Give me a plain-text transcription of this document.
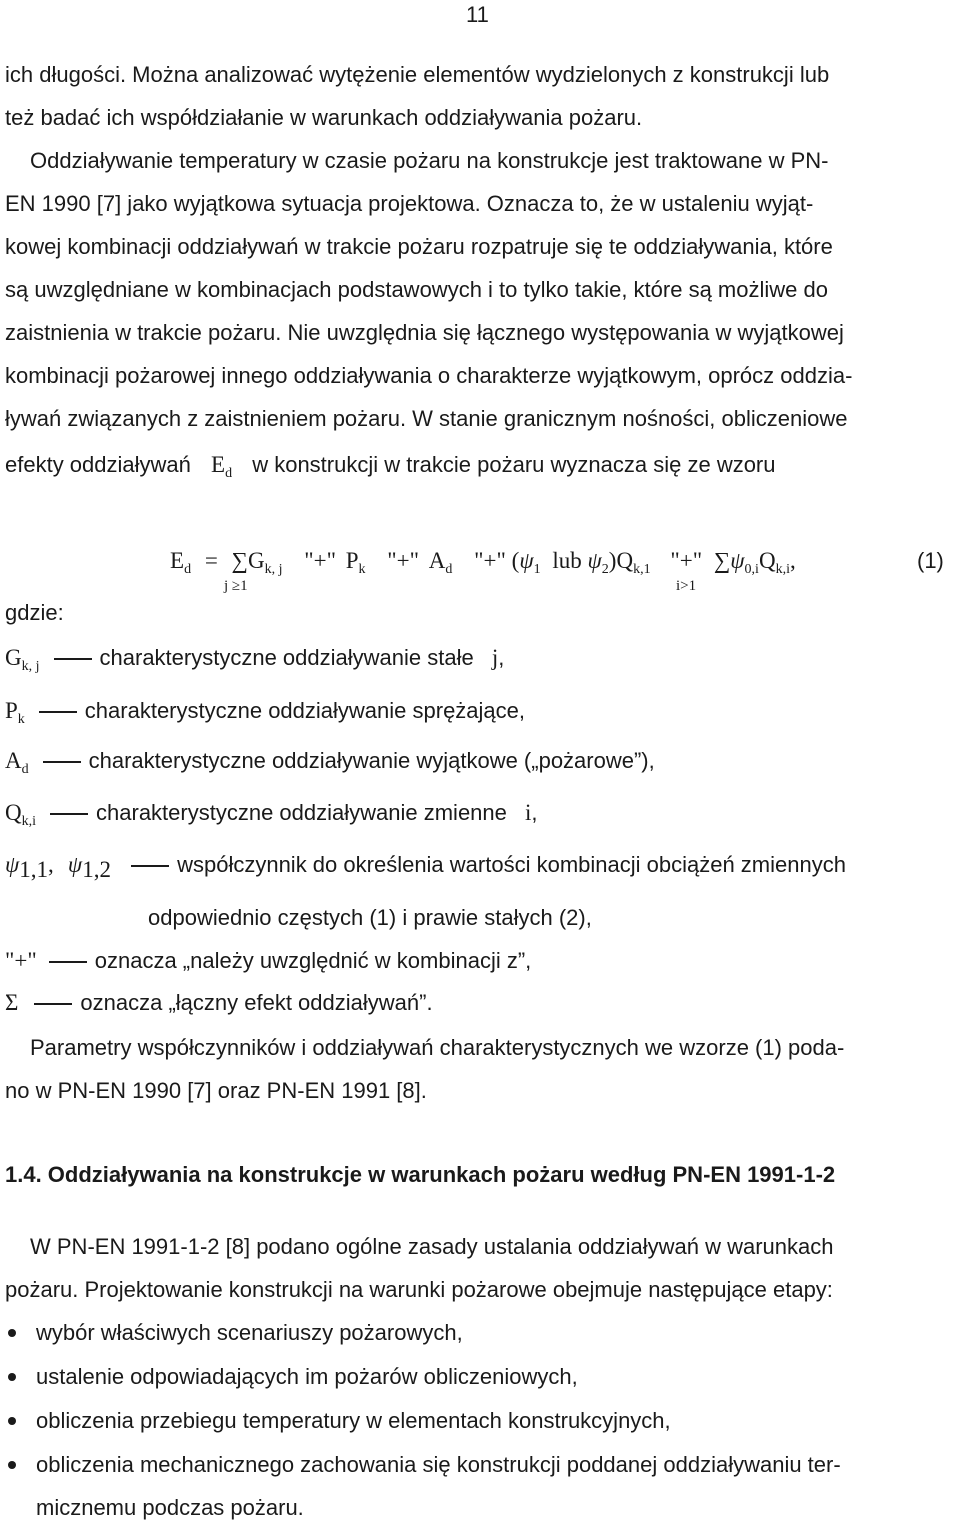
11
ich długości. Można analizować wytężenie elementów wydzielonych z konstrukcji lub
też badać ich współdziałanie w warunkach oddziaływania pożaru.
Oddziaływanie temperatury w czasie pożaru na konstrukcje jest traktowane w PN-
EN 1990 [7] jako wyjątkowa sytuacja projektowa. Oznacza to, że w ustaleniu wyjąt-
kowej kombinacji oddziaływań w trakcie pożaru rozpatruje się te oddziaływania, które
są uwzględniane w kombinacjach podstawowych i to tylko takie, które są możliwe do
zaistnienia w trakcie pożaru. Nie uwzględnia się łącznego występowania w wyjątkowej
kombinacji pożarowej innego oddziaływania o charakterze wyjątkowym, oprócz oddzia-
ływań związanych z zaistnieniem pożaru. W stanie granicznym nośności, obliczeniowe
efekty oddziaływań $E_d$ w konstrukcji w trakcie pożaru wyznacza się ze wzoru
$E_d = \sum G_{k, j}$ "+" $P_k$ "+" $A_d$ "+" ($\psi_1$ lub $\psi_2)Q_{k,1}$ "+" $\sum\psi_{0,i}Q_{k,i}$,
j ≥1	i>1
(1)
gdzie:
$G_{k, j}$	charakterystyczne oddziaływanie stałe j,
$P_k$	charakterystyczne oddziaływanie sprężające,
$A_d$	charakterystyczne oddziaływanie wyjątkowe („pożarowe”),
$Q_{k,i}$	charakterystyczne oddziaływanie zmienne i,
ψ1,1, ψ1,2	współczynnik do określenia wartości kombinacji obciążeń zmiennych
odpowiednio częstych (1) i prawie stałych (2),
"+"	oznacza „należy uwzględnić w kombinacji z”,
Σ	oznacza „łączny efekt oddziaływań”.
Parametry współczynników i oddziaływań charakterystycznych we wzorze (1) poda-
no w PN-EN 1990 [7] oraz PN-EN 1991 [8].
1.4. Oddziaływania na konstrukcje w warunkach pożaru według PN-EN 1991-1-2
W PN-EN 1991-1-2 [8] podano ogólne zasady ustalania oddziaływań w warunkach
pożaru. Projektowanie konstrukcji na warunki pożarowe obejmuje następujące etapy:
wybór właściwych scenariuszy pożarowych,
ustalenie odpowiadających im pożarów obliczeniowych,
obliczenia przebiegu temperatury w elementach konstrukcyjnych,
obliczenia mechanicznego zachowania się konstrukcji poddanej oddziaływaniu ter-
micznemu podczas pożaru.
